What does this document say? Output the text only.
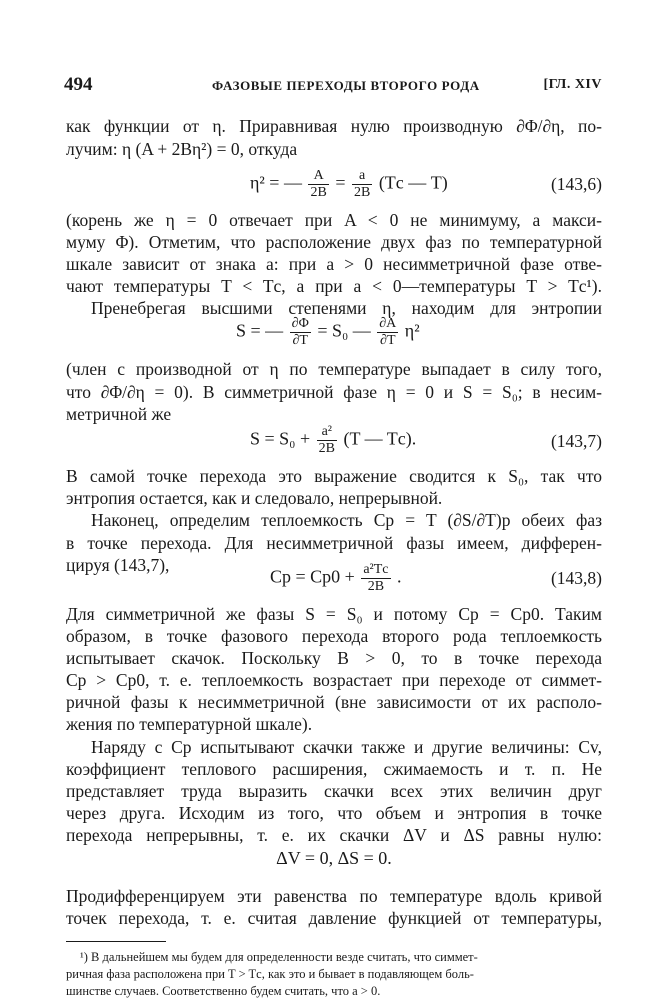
494	ФАЗОВЫЕ ПЕРЕХОДЫ ВТОРОГО РОДА	[ГЛ. XIV
как функции от η. Приравнивая нулю производную ∂Φ/∂η, по-
лучим: η (A + 2Bη²) = 0, откуда
η² = — $\frac{A}{2B} = \frac{a}{2B} (Tс$ — T)	(143,6)
(корень же η = 0 отвечает при A < 0 не минимуму, а макси-
муму Φ). Отметим, что расположение двух фаз по температурной
шкале зависит от знака a: при a > 0 несимметричной фазе отве-
чают температуры T < Tс, а при a < 0—температуры T > Tс¹).
Пренебрегая высшими степенями η, находим для энтропии
S = — $\frac{\partial\Phi}{\partial T} = S_0$ — $\frac{\partial A}{\partial T} \eta^2$
(член с производной от η по температуре выпадает в силу того,
что ∂Φ/∂η = 0). В симметричной фазе η = 0 и S = S₀; в несим-
метричной же
$S = S_0 + \frac{\text{a²}}{2B} (T$ — Tс).	(143,7)
В самой точке перехода это выражение сводится к S₀, так что
энтропия остается, как и следовало, непрерывной.
Наконец, определим теплоемкость Cp = T (∂S/∂T)p обеих фаз
в точке перехода. Для несимметричной фазы имеем, дифферен-
цируя (143,7),
$Cp = Cp0 + \frac{\text{a²Tс}}{2B}$ .	(143,8)
Для симметричной же фазы S = S₀ и потому Cp = Cp0. Таким
образом, в точке фазового перехода второго рода теплоемкость
испытывает скачок. Поскольку B > 0, то в точке перехода
Cp > Cp0, т. е. теплоемкость возрастает при переходе от симмет-
ричной фазы к несимметричной (вне зависимости от их располо-
жения по температурной шкале).
Наряду с Cp испытывают скачки также и другие величины: Cv,
коэффициент теплового расширения, сжимаемость и т. п. Не
представляет труда выразить скачки всех этих величин друг
через друга. Исходим из того, что объем и энтропия в точке
перехода непрерывны, т. е. их скачки ΔV и ΔS равны нулю:
ΔV = 0, ΔS = 0.
Продифференцируем эти равенства по температуре вдоль кривой
¹) В дальнейшем мы будем для определенности везде считать, что симмет-
ричная фаза расположена при T > Tс, как это и бывает в подавляющем боль-
шинстве случаев. Соответственно будем считать, что a > 0.
точек перехода, т. е. считая давление функцией от температуры,
